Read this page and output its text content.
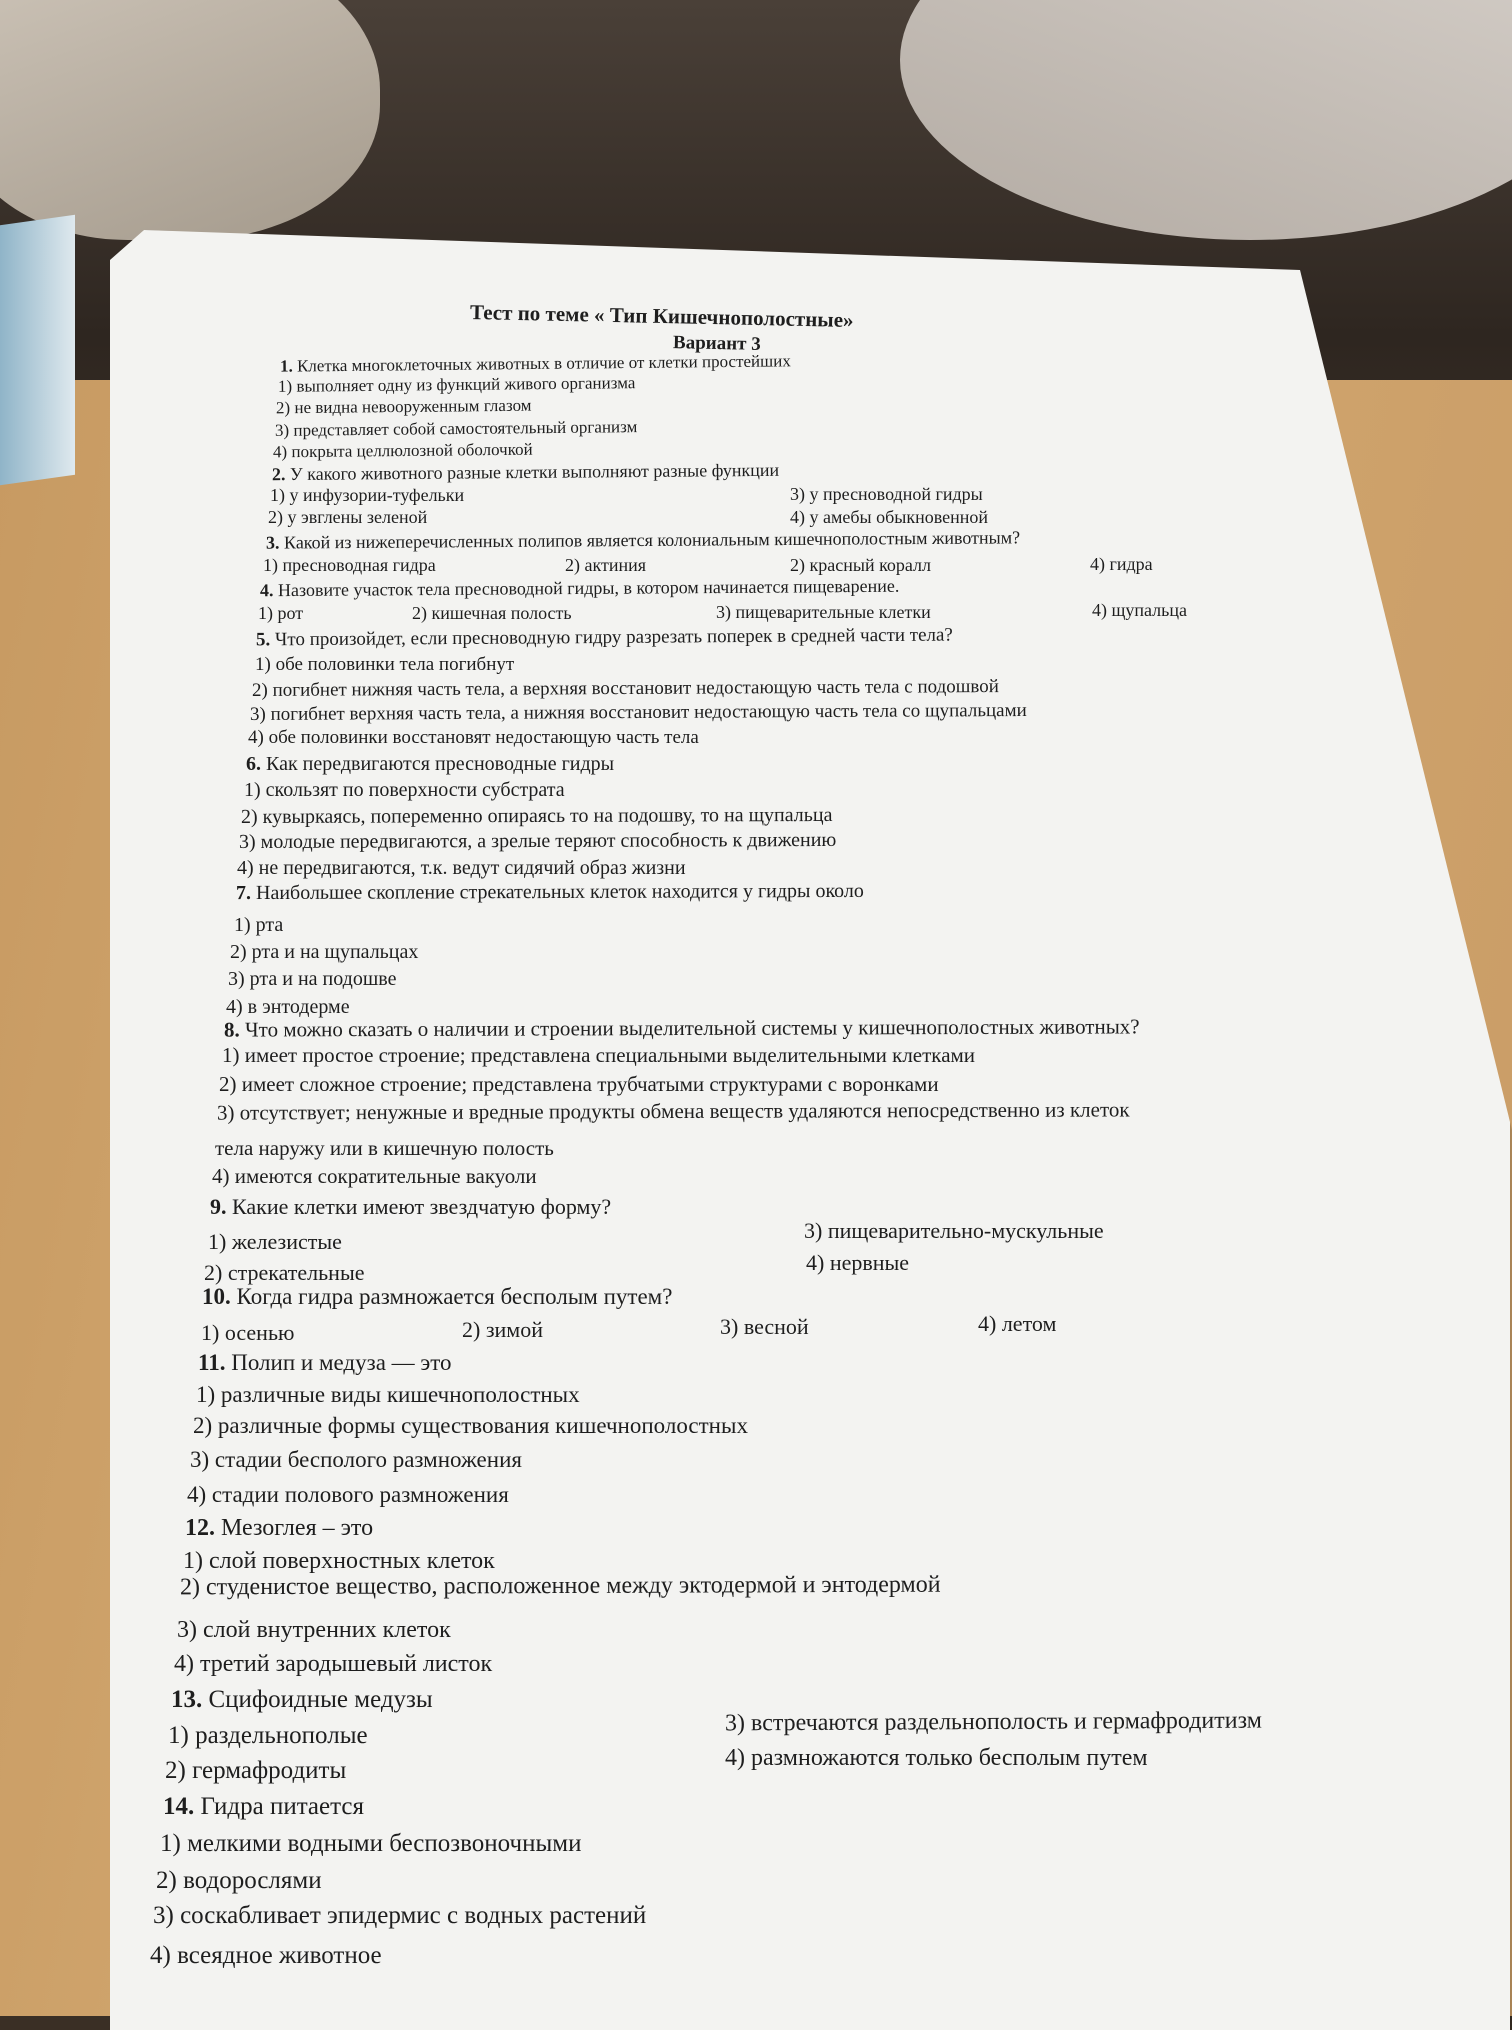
Тест по теме « Тип Кишечнополостные»
Вариант 3
1. Клетка многоклеточных животных в отличие от клетки простейших
1) выполняет одну из функций живого организма
2) не видна невооруженным глазом
3) представляет собой самостоятельный организм
4) покрыта целлюлозной оболочкой
2. У какого животного разные клетки выполняют разные функции
1) у инфузории-туфельки	3) у пресноводной гидры
2) у эвглены зеленой	4) у амебы обыкновенной
3. Какой из нижеперечисленных полипов является колониальным кишечнополостным животным?
1) пресноводная гидра	2) актиния	2) красный коралл	4) гидра
4. Назовите участок тела пресноводной гидры, в котором начинается пищеварение.
1) рот	2) кишечная полость	3) пищеварительные клетки	4) щупальца
5. Что произойдет, если пресноводную гидру разрезать поперек в средней части тела?
1) обе половинки тела погибнут
2) погибнет нижняя часть тела, а верхняя восстановит недостающую часть тела с подошвой
3) погибнет верхняя часть тела, а нижняя восстановит недостающую часть тела со щупальцами
4) обе половинки восстановят недостающую часть тела
6. Как передвигаются пресноводные гидры
1) скользят по поверхности субстрата
2) кувыркаясь, попеременно опираясь то на подошву, то на щупальца
3) молодые передвигаются, а зрелые теряют способность к движению
4) не передвигаются, т.к. ведут сидячий образ жизни
7. Наибольшее скопление стрекательных клеток находится у гидры около
1) рта
2) рта и на щупальцах
3) рта и на подошве
4) в энтодерме
8. Что можно сказать о наличии и строении выделительной системы у кишечнополостных животных?
1) имеет простое строение; представлена специальными выделительными клетками
2) имеет сложное строение; представлена трубчатыми структурами с воронками
3) отсутствует; ненужные и вредные продукты обмена веществ удаляются непосредственно из клеток
тела наружу или в кишечную полость
4) имеются сократительные вакуоли
9. Какие клетки имеют звездчатую форму?
1) железистые	3) пищеварительно-мускульные
2) стрекательные	4) нервные
10. Когда гидра размножается бесполым путем?
1) осенью	2) зимой	3) весной	4) летом
11. Полип и медуза — это
1) различные виды кишечнополостных
2) различные формы существования кишечнополостных
3) стадии бесполого размножения
4) стадии полового размножения
12. Мезоглея – это
1) слой поверхностных клеток
2) студенистое вещество, расположенное между эктодермой и энтодермой
3) слой внутренних клеток
4) третий зародышевый листок
13. Сцифоидные медузы
1) раздельнополые	3) встречаются раздельнополость и гермафродитизм
2) гермафродиты	4) размножаются только бесполым путем
14. Гидра питается
1) мелкими водными беспозвоночными
2) водорослями
3) соскабливает эпидермис с водных растений
4) всеядное животное
